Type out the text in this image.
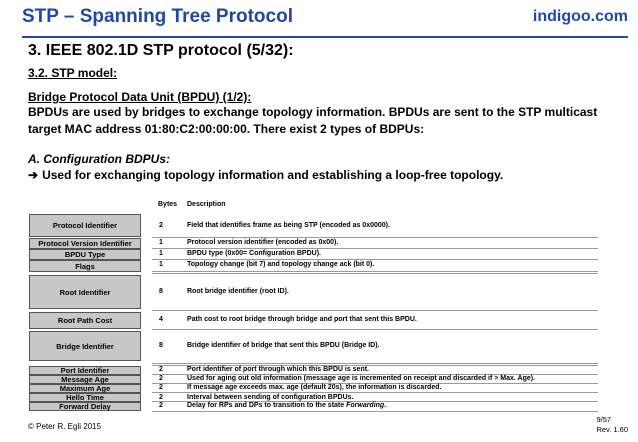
STP – Spanning Tree Protocol	indigoo.com
3. IEEE 802.1D STP protocol (5/32):
3.2. STP model:
Bridge Protocol Data Unit (BPDU) (1/2):
BPDUs are used by bridges to exchange topology information. BPDUs are sent to the STP multicast target MAC address 01:80:C2:00:00:00. There exist 2 types of BDPUs:
A. Configuration BDPUs:
➔ Used for exchanging topology information and establishing a loop-free topology.
Bytes Description
Protocol Identifier	2	Field that identifies frame as being STP (encoded as 0x0000).
Protocol Version Identifier	1	Protocol version identifier (encoded as 0x00).
BPDU Type	1	BPDU type (0x00= Configuration BPDU).
Flags	1	Topology change (bit 7) and topology change ack (bit 0).
Root Identifier	8	Root bridge identifier (root ID).
Root Path Cost	4	Path cost to root bridge through bridge and port that sent this BPDU.
Bridge Identifier	8	Bridge identifier of bridge that sent this BPDU (Bridge ID).
Port Identifier	2	Port identifier of port through which this BPDU is sent.
Message Age	2	Used for aging out old information (message age is incremented on receipt and discarded if > Max. Age).
Maximum Age	2	If message age exceeds max. age (default 20s), the information is discarded.
Hello Time	2	Interval between sending of configuration BPDUs.
Forward Delay	2	Delay for RPs and DPs to transition to the state Forwarding.
© Peter R. Egli 2015
9/57
Rev. 1.60
